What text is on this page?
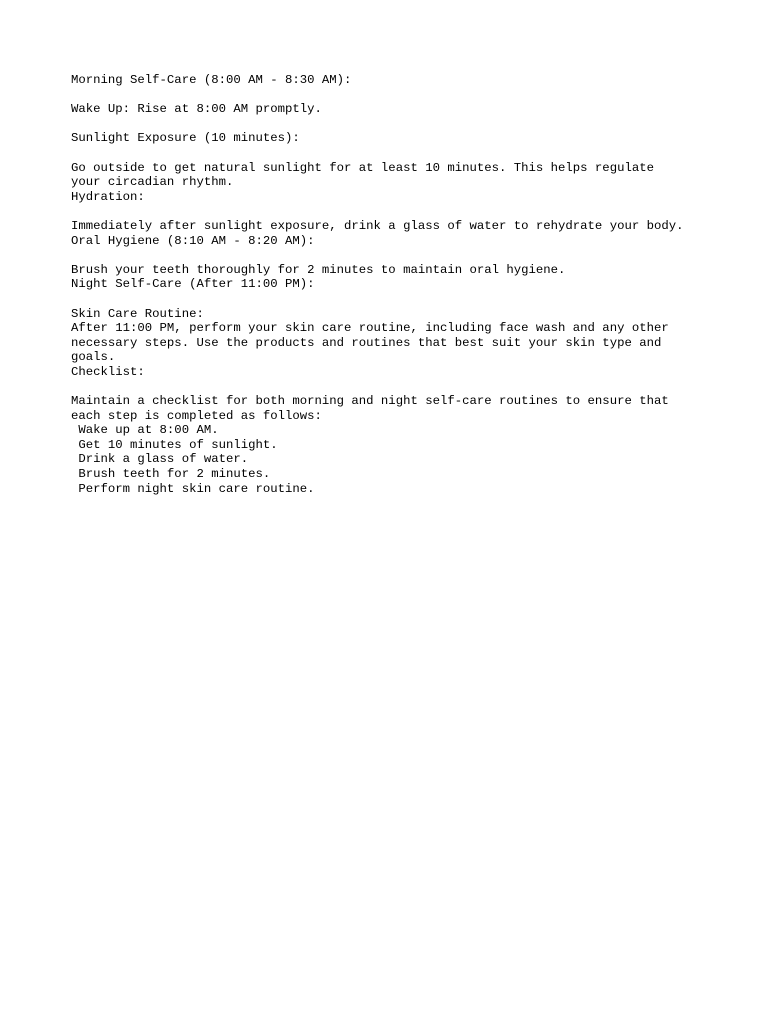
Morning Self-Care (8:00 AM - 8:30 AM):
Wake Up: Rise at 8:00 AM promptly.
Sunlight Exposure (10 minutes):
Go outside to get natural sunlight for at least 10 minutes. This helps regulate
your circadian rhythm.
Hydration:
Immediately after sunlight exposure, drink a glass of water to rehydrate your body.
Oral Hygiene (8:10 AM - 8:20 AM):
Brush your teeth thoroughly for 2 minutes to maintain oral hygiene.
Night Self-Care (After 11:00 PM):
Skin Care Routine:
After 11:00 PM, perform your skin care routine, including face wash and any other
necessary steps. Use the products and routines that best suit your skin type and
goals.
Checklist:
Maintain a checklist for both morning and night self-care routines to ensure that
each step is completed as follows:
Wake up at 8:00 AM.
Get 10 minutes of sunlight.
Drink a glass of water.
Brush teeth for 2 minutes.
Perform night skin care routine.
